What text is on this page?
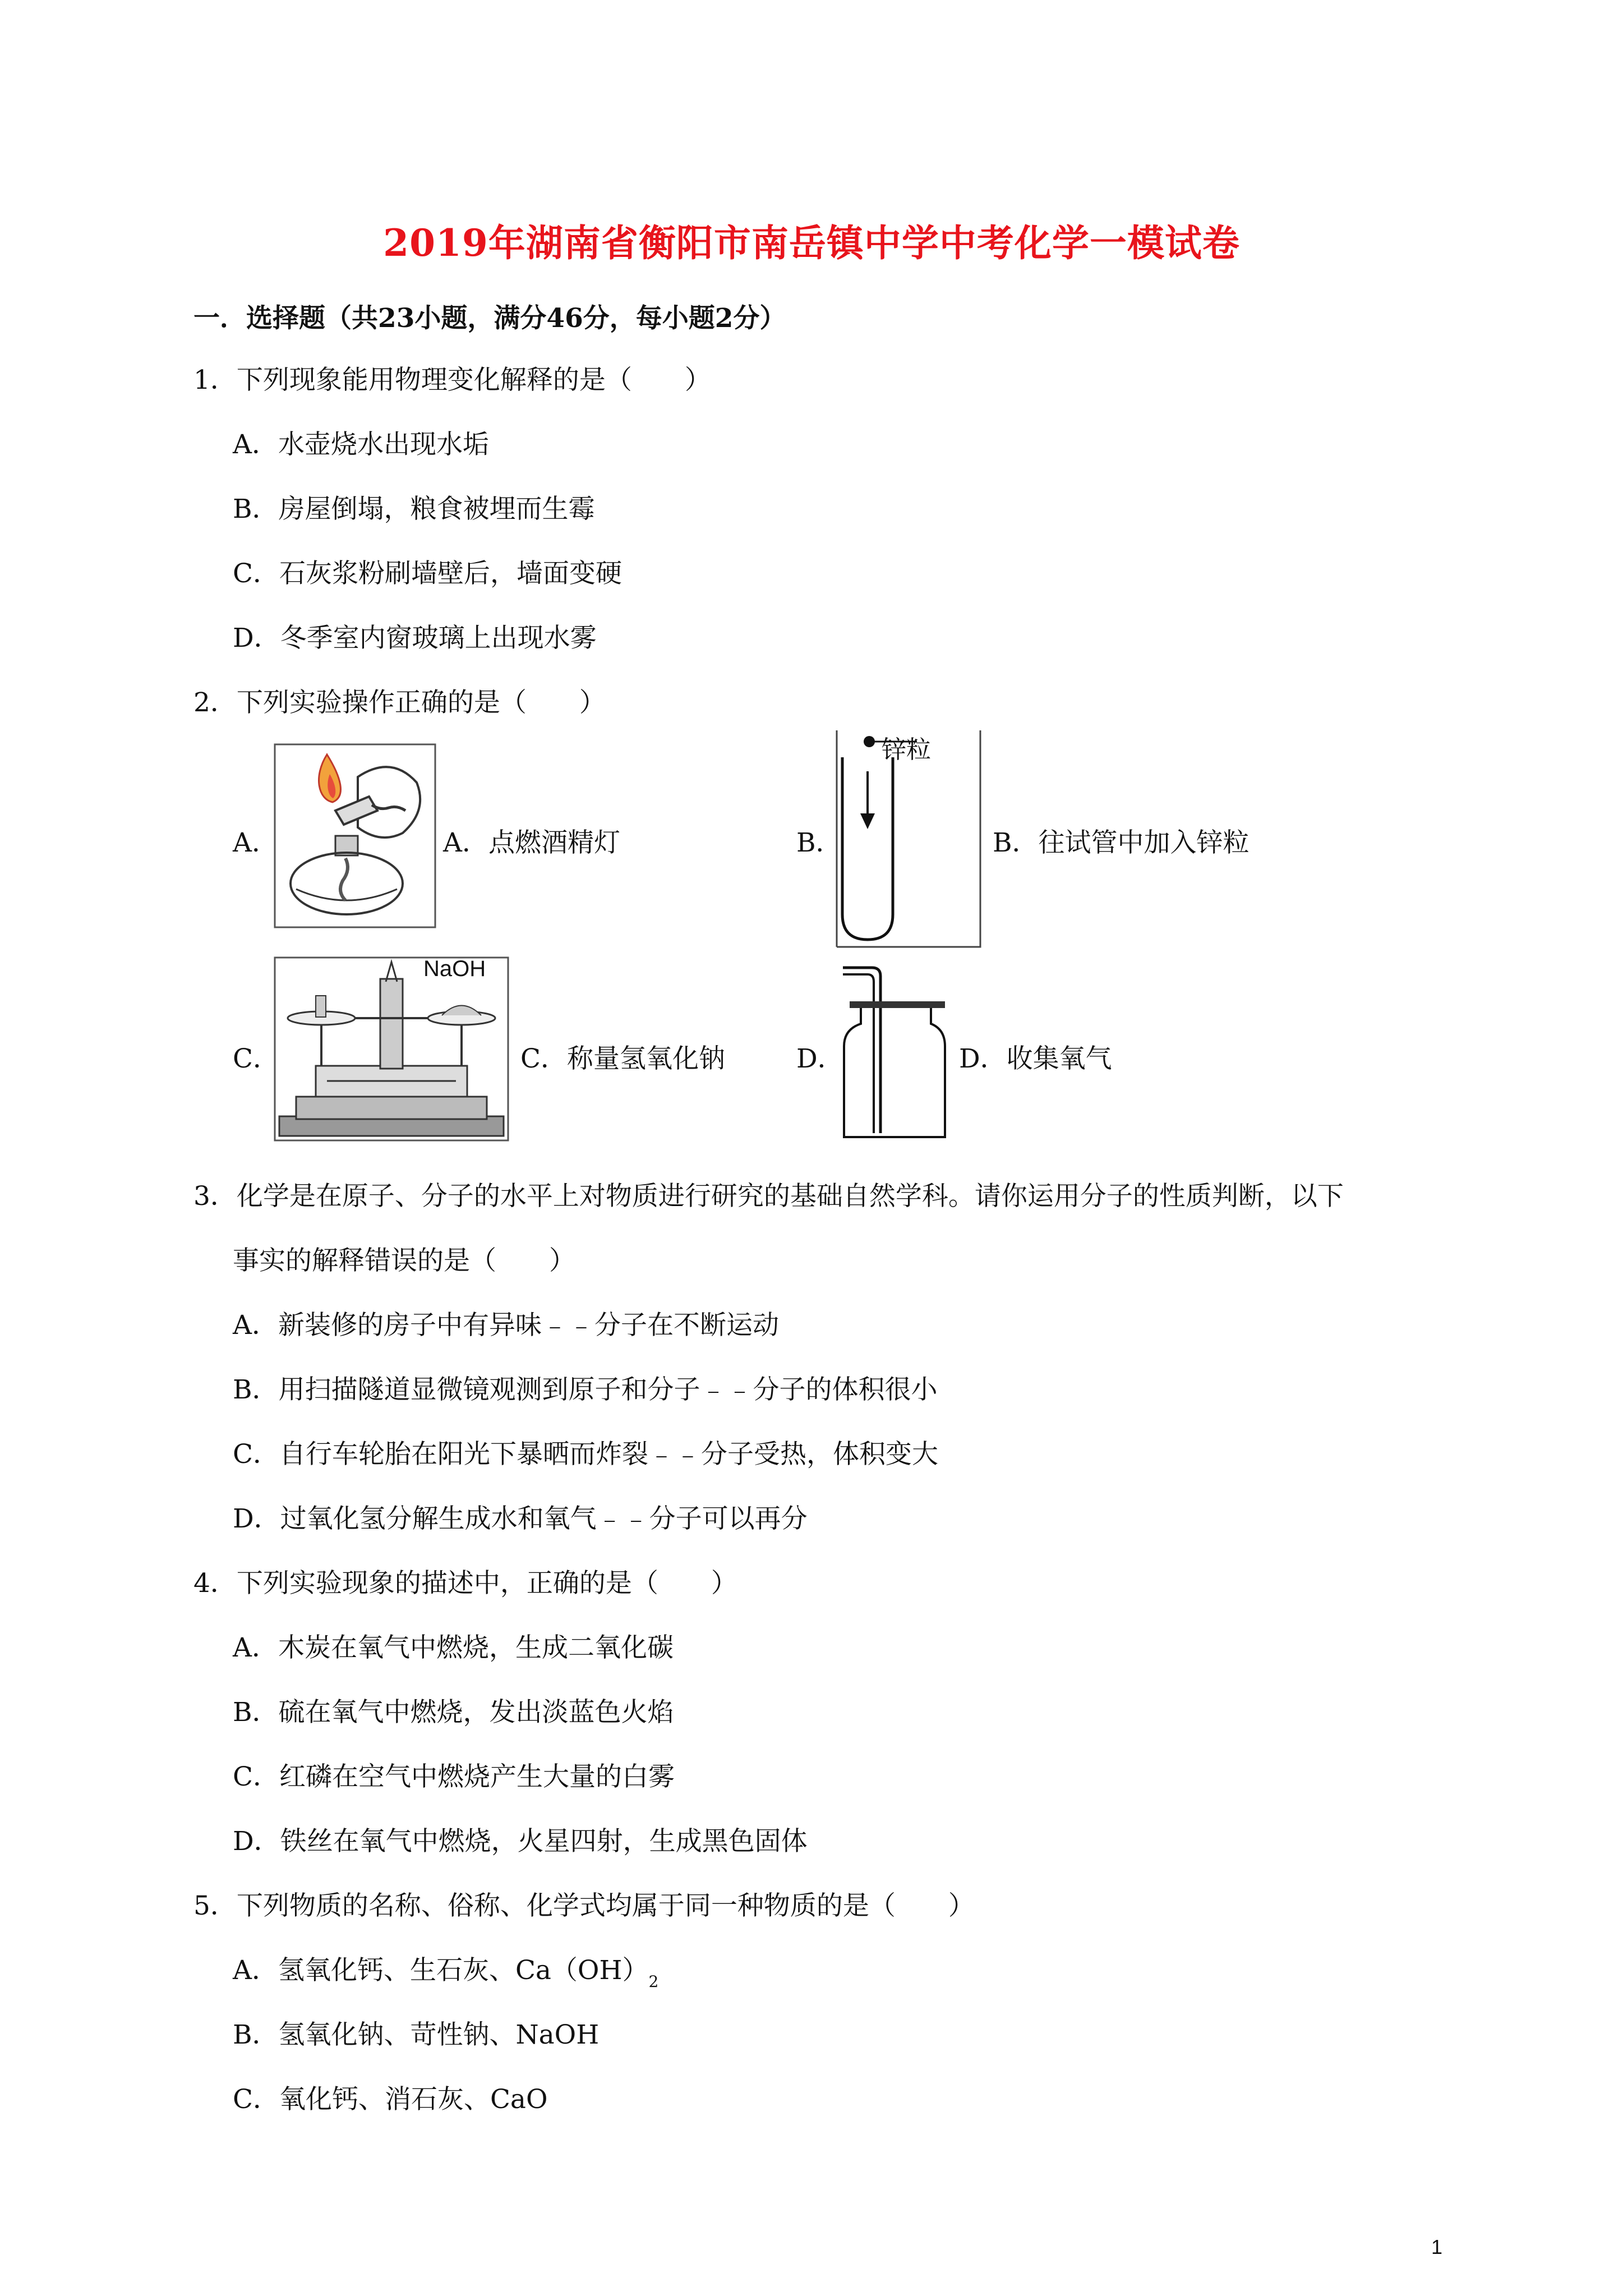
2019年湖南省衡阳市南岳镇中学中考化学一模试卷
一．选择题（共23小题，满分46分，每小题2分）
1．下列现象能用物理变化解释的是（　　）
A．水壶烧水出现水垢
B．房屋倒塌，粮食被埋而生霉
C．石灰浆粉刷墙壁后，墙面变硬
D．冬季室内窗玻璃上出现水雾
2．下列实验操作正确的是（　　）
A．	A．点燃酒精灯	B．
锌粒
B．往试管中加入锌粒
C．
NaOH
C．称量氢氧化钠	D．	D．收集氧气
3．化学是在原子、分子的水平上对物质进行研究的基础自然学科。请你运用分子的性质判断，以下
事实的解释错误的是（　　）
A．新装修的房子中有异味﹣﹣分子在不断运动
B．用扫描隧道显微镜观测到原子和分子﹣﹣分子的体积很小
C．自行车轮胎在阳光下暴晒而炸裂﹣﹣分子受热，体积变大
D．过氧化氢分解生成水和氧气﹣﹣分子可以再分
4．下列实验现象的描述中，正确的是（　　）
A．木炭在氧气中燃烧，生成二氧化碳
B．硫在氧气中燃烧，发出淡蓝色火焰
C．红磷在空气中燃烧产生大量的白雾
D．铁丝在氧气中燃烧，火星四射，生成黑色固体
5．下列物质的名称、俗称、化学式均属于同一种物质的是（　　）
A．氢氧化钙、生石灰、$Ca(OH)_2$
B．氢氧化钠、苛性钠、NaOH
C．氧化钙、消石灰、CaO
1
